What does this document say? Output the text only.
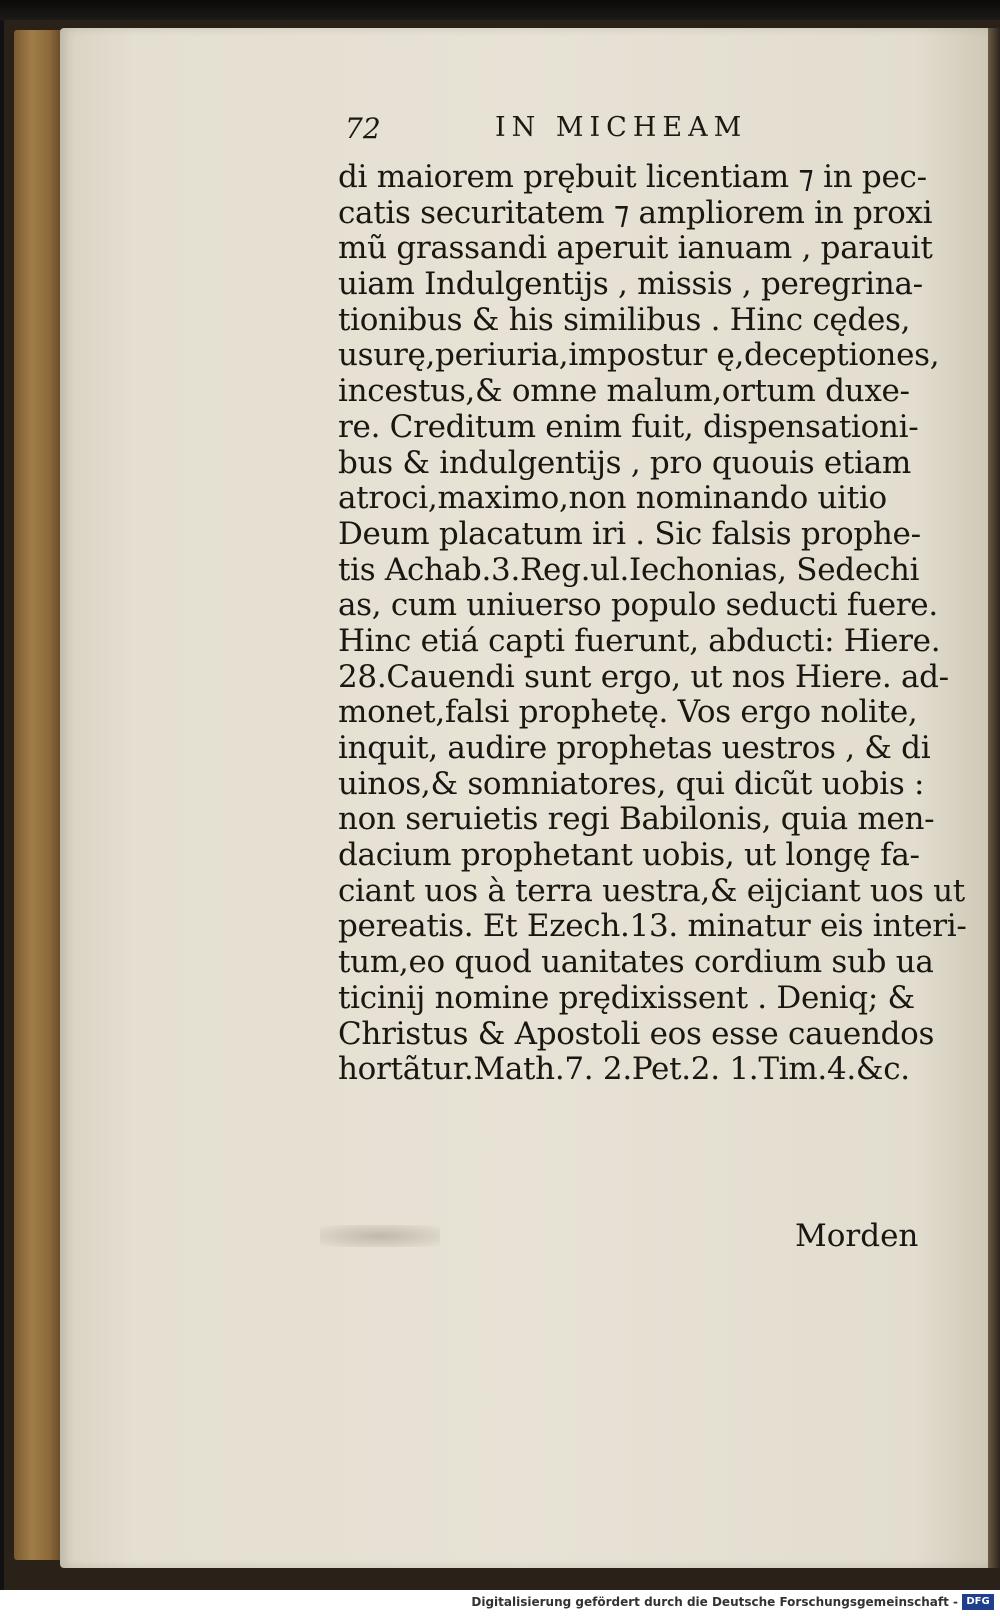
72	IN MICHEAM
di maiorem prębuit licentiam ⁊ in pec-
catis securitatem ⁊ ampliorem in proxi
mũ grassandi aperuit ianuam , parauit
uiam Indulgentijs , missis , peregrina-
tionibus & his similibus . Hinc cędes,
usurę,periuria,impostur ę,deceptiones,
incestus,& omne malum,ortum duxe-
re. Creditum enim fuit, dispensationi-
bus & indulgentijs , pro quouis etiam
atroci,maximo,non nominando uitio
Deum placatum iri . Sic falsis prophe-
tis Achab.3.Reg.ul.Iechonias, Sedechi
as, cum uniuerso populo seducti fuere.
Hinc etiá capti fuerunt, abducti: Hiere.
28.Cauendi sunt ergo, ut nos Hiere. ad-
monet,falsi prophetę. Vos ergo nolite,
inquit, audire prophetas uestros , & di
uinos,& somniatores, qui dicũt uobis :
non seruietis regi Babilonis, quia men-
dacium prophetant uobis, ut longę fa-
ciant uos à terra uestra,& eijciant uos ut
pereatis. Et Ezech.13. minatur eis interi-
tum,eo quod uanitates cordium sub ua
ticinij nomine prędixissent . Deniq; &
Christus & Apostoli eos esse cauendos
hortãtur.Math.7. 2.Pet.2. 1.Tim.4.&c.
Morden
Digitalisierung gefördert durch die Deutsche Forschungsgemeinschaft - DFG
